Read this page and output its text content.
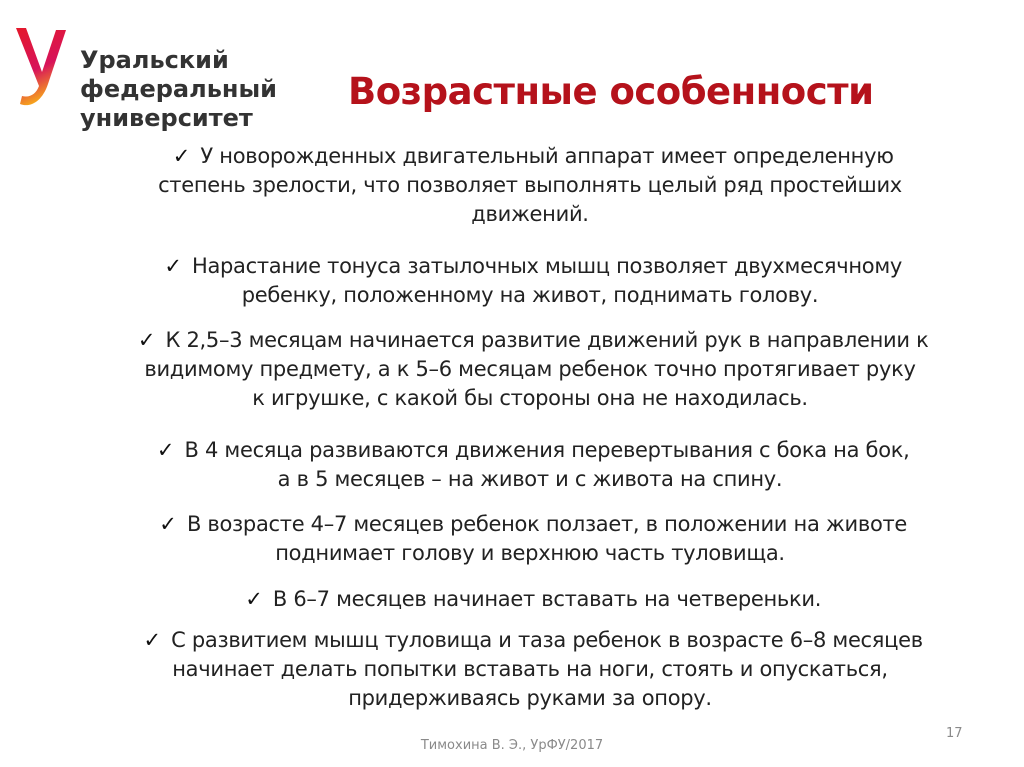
Уральский
федеральный
университет
Возрастные особенности
✓ У новорожденных двигательный аппарат имеет определенную
степень зрелости, что позволяет выполнять целый ряд простейших
движений.
✓ Нарастание тонуса затылочных мышц позволяет двухмесячному
ребенку, положенному на живот, поднимать голову.
✓ К 2,5–3 месяцам начинается развитие движений рук в направлении к
видимому предмету, а к 5–6 месяцам ребенок точно протягивает руку
к игрушке, с какой бы стороны она не находилась.
✓ В 4 месяца развиваются движения перевертывания с бока на бок,
а в 5 месяцев – на живот и с живота на спину.
✓ В возрасте 4–7 месяцев ребенок ползает, в положении на животе
поднимает голову и верхнюю часть туловища.
✓ В 6–7 месяцев начинает вставать на четвереньки.
✓ С развитием мышц туловища и таза ребенок в возрасте 6–8 месяцев
начинает делать попытки вставать на ноги, стоять и опускаться,
придерживаясь руками за опору.
17
Тимохина В. Э., УрФУ/2017
